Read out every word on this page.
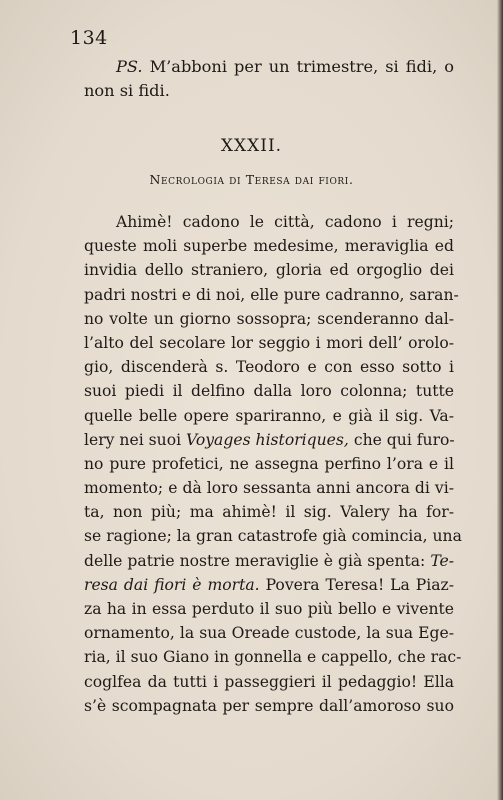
134
PS. M’abboni per un trimestre, si fidi, o
non si fidi.
XXXII.
Necrologia di Teresa dai fiori.
Ahimè! cadono le città, cadono i regni;
queste moli superbe medesime, meraviglia ed
invidia dello straniero, gloria ed orgoglio dei
padri nostri e di noi, elle pure cadranno, saran-
no volte un giorno sossopra; scenderanno dal-
l’alto del secolare lor seggio i mori dell’ orolo-
gio, discenderà s. Teodoro e con esso sotto i
suoi piedi il delfino dalla loro colonna; tutte
quelle belle opere spariranno, e già il sig. Va-
lery nei suoi Voyages historiques, che qui furo-
no pure profetici, ne assegna perfino l’ora e il
momento; e dà loro sessanta anni ancora di vi-
ta, non più; ma ahimè! il sig. Valery ha for-
se ragione; la gran catastrofe già comincia, una
delle patrie nostre meraviglie è già spenta: Te-
resa dai fiori è morta. Povera Teresa! La Piaz-
za ha in essa perduto il suo più bello e vivente
ornamento, la sua Oreade custode, la sua Ege-
ria, il suo Giano in gonnella e cappello, che rac-
coglfea da tutti i passeggieri il pedaggio! Ella
s’è scompagnata per sempre dall’amoroso suo
